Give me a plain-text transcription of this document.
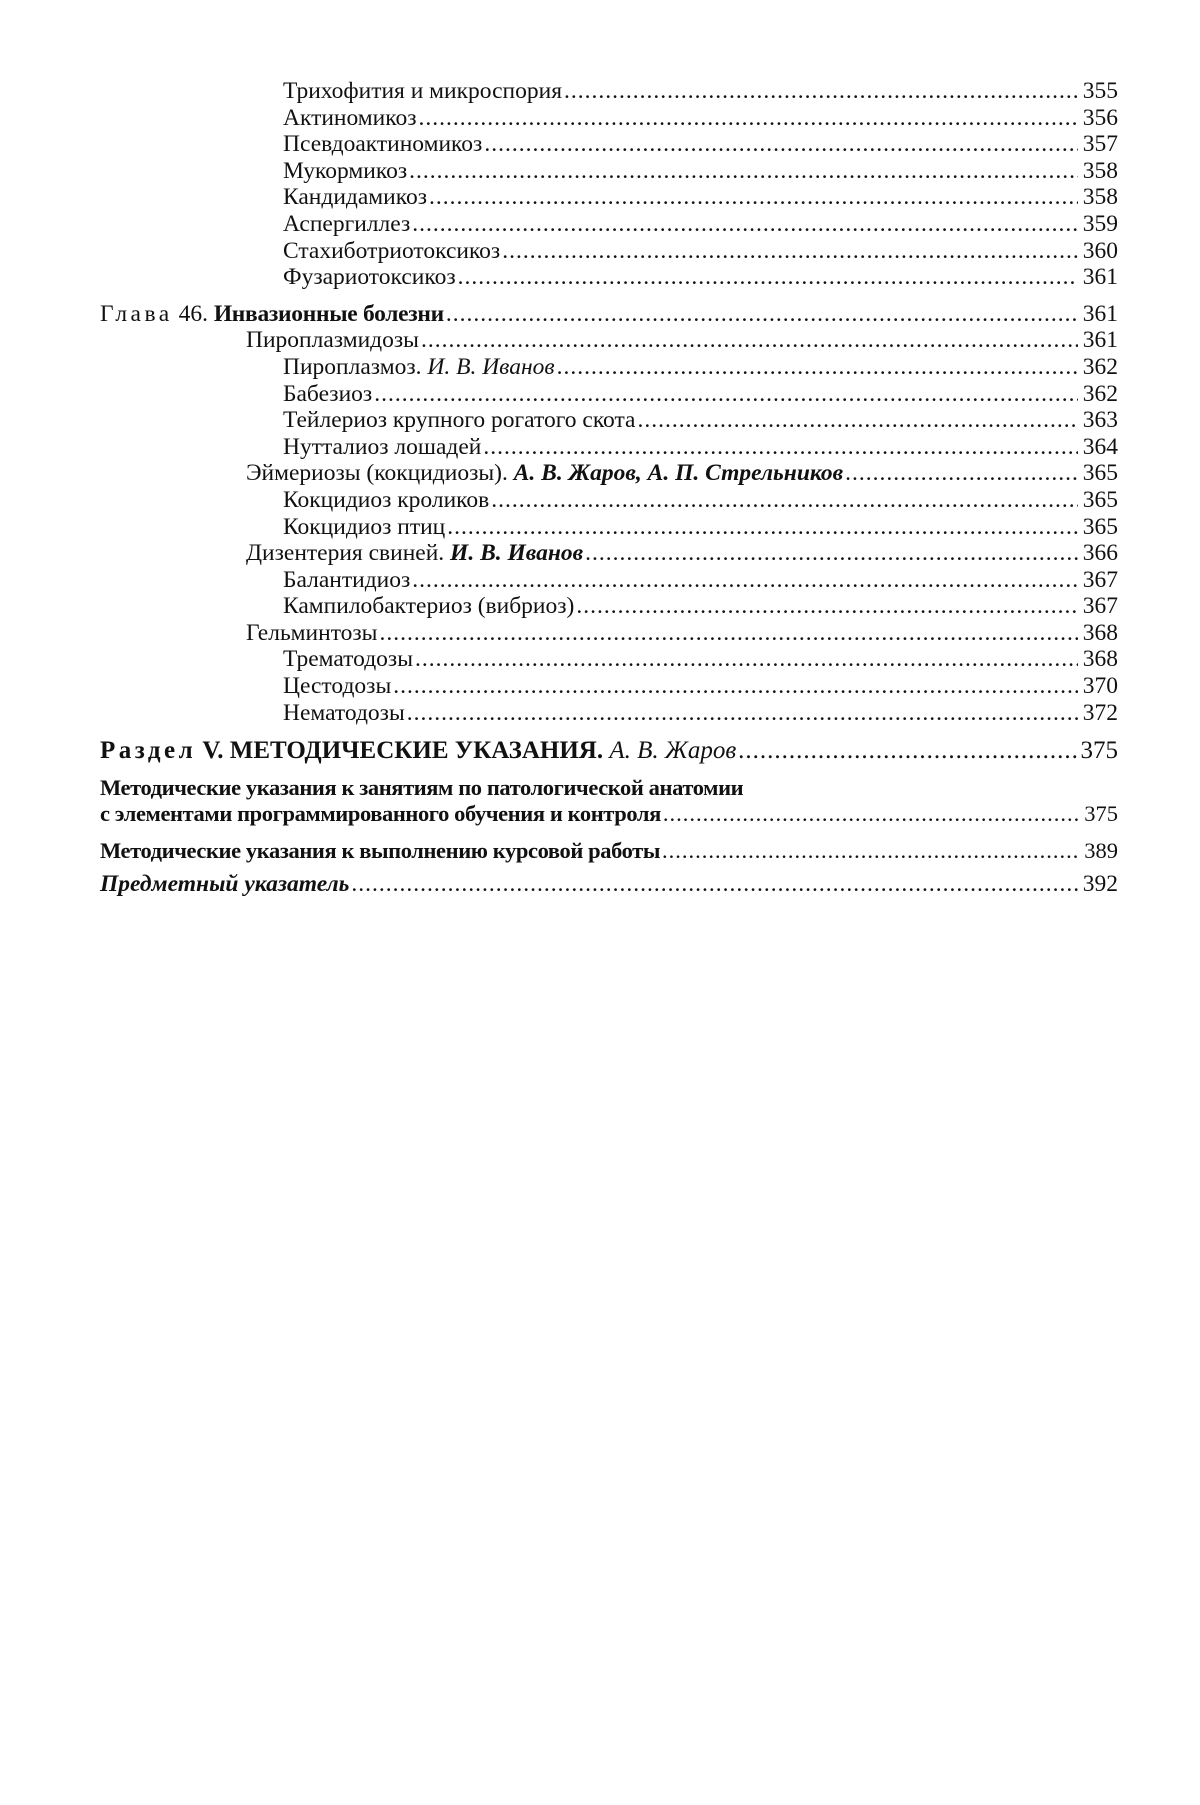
Трихофития и микроспория .....	355
Актиномикоз .....	356
Псевдоактиномикоз .....	357
Мукормикоз .....	358
Кандидамикоз .....	358
Аспергиллез .....	359
Стахиботриотоксикоз .....	360
Фузариотоксикоз .....	361
Глава 46. Инвазионные болезни .....	361
Пироплазмидозы .....	361
Пироплазмоз. И. В. Иванов .....	362
Бабезиоз .....	362
Тейлериоз крупного рогатого скота .....	363
Нутталиоз лошадей .....	364
Эймериозы (кокцидиозы). А. В. Жаров, А. П. Стрельников .....	365
Кокцидиоз кроликов .....	365
Кокцидиоз птиц .....	365
Дизентерия свиней. И. В. Иванов .....	366
Балантидиоз .....	367
Кампилобактериоз (вибриоз) .....	367
Гельминтозы .....	368
Трематодозы .....	368
Цестодозы .....	370
Нематодозы .....	372
Раздел V. МЕТОДИЧЕСКИЕ УКАЗАНИЯ. А. В. Жаров .....	375
Методические указания к занятиям по патологической анатомии
с элементами программированного обучения и контроля .....	375
Методические указания к выполнению курсовой работы .....	389
Предметный указатель .....	392
